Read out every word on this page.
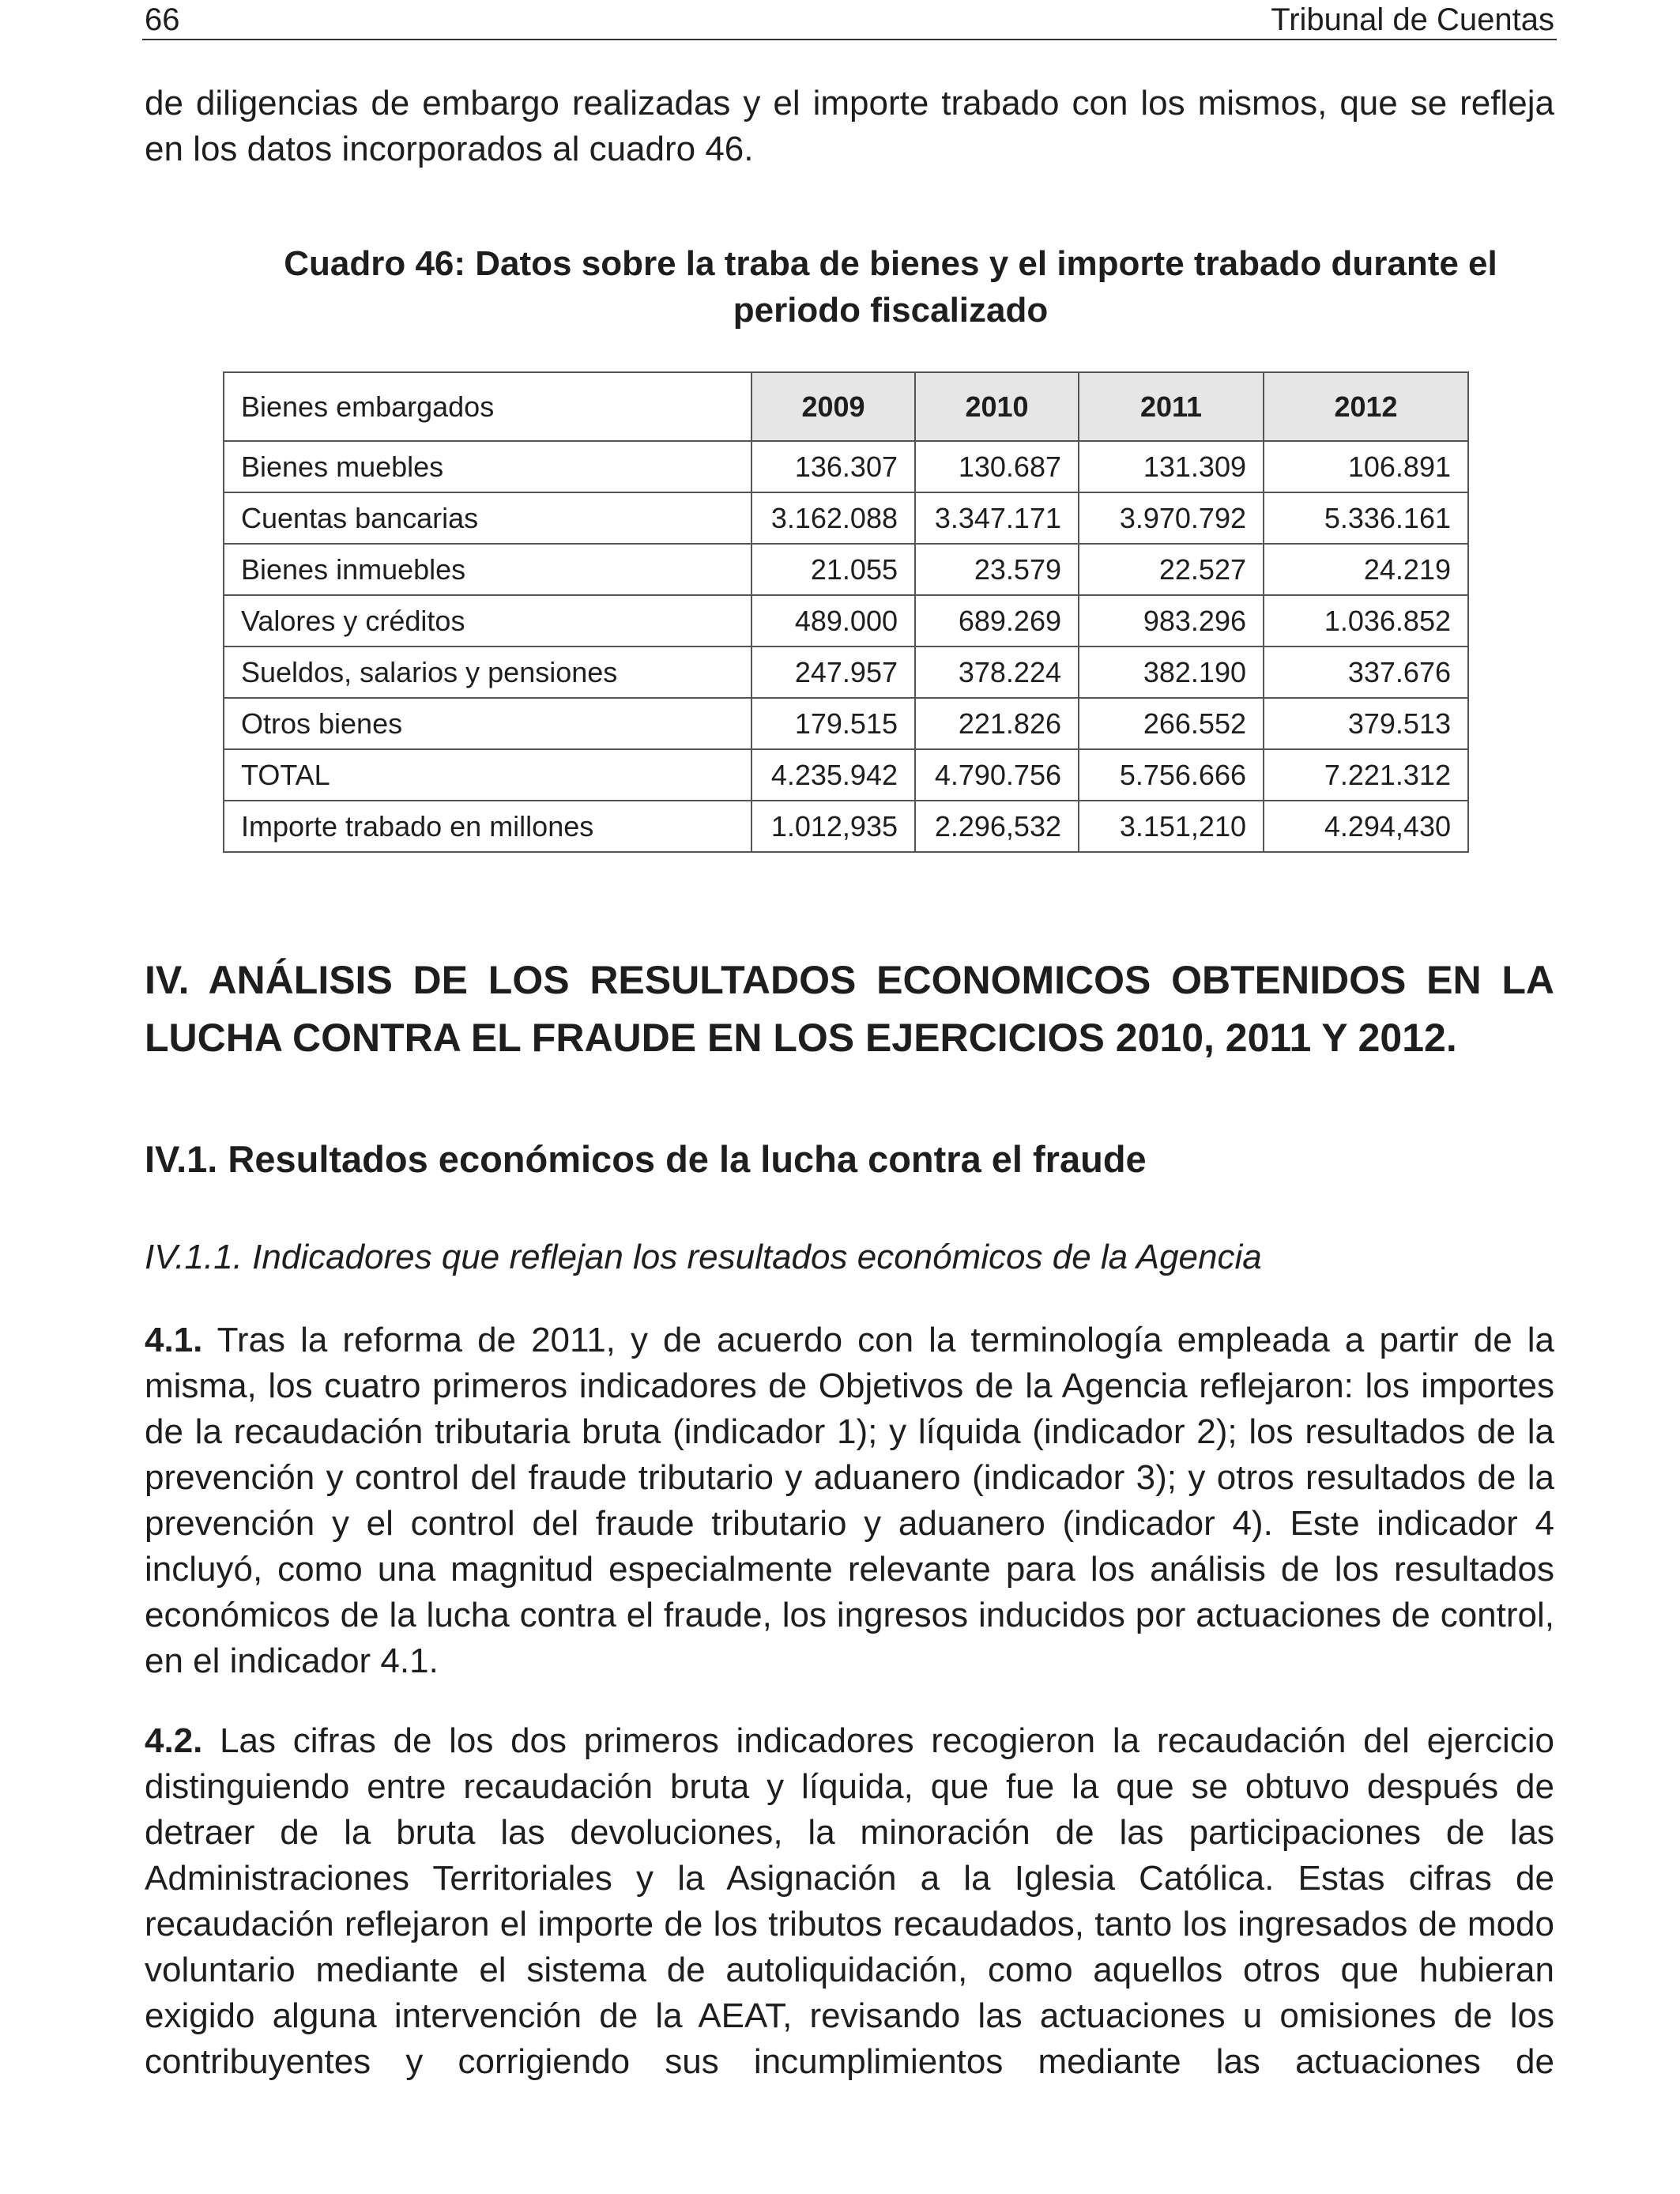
66	Tribunal de Cuentas
de diligencias de embargo realizadas y el importe trabado con los mismos, que se refleja
en los datos incorporados al cuadro 46.
Cuadro 46: Datos sobre la traba de bienes y el importe trabado durante el
periodo fiscalizado
Bienes embargados	2009	2010	2011	2012
Bienes muebles	136.307	130.687	131.309	106.891
Cuentas bancarias	3.162.088	3.347.171	3.970.792	5.336.161
Bienes inmuebles	21.055	23.579	22.527	24.219
Valores y créditos	489.000	689.269	983.296	1.036.852
Sueldos, salarios y pensiones	247.957	378.224	382.190	337.676
Otros bienes	179.515	221.826	266.552	379.513
TOTAL	4.235.942	4.790.756	5.756.666	7.221.312
Importe trabado en millones	1.012,935	2.296,532	3.151,210	4.294,430
IV. ANÁLISIS DE LOS RESULTADOS ECONOMICOS OBTENIDOS EN LA
LUCHA CONTRA EL FRAUDE EN LOS EJERCICIOS 2010, 2011 Y 2012.
IV.1. Resultados económicos de la lucha contra el fraude
IV.1.1. Indicadores que reflejan los resultados económicos de la Agencia
4.1. Tras la reforma de 2011, y de acuerdo con la terminología empleada a partir de la
misma, los cuatro primeros indicadores de Objetivos de la Agencia reflejaron: los importes
de la recaudación tributaria bruta (indicador 1); y líquida (indicador 2); los resultados de la
prevención y control del fraude tributario y aduanero (indicador 3); y otros resultados de la
prevención y el control del fraude tributario y aduanero (indicador 4). Este indicador 4
incluyó, como una magnitud especialmente relevante para los análisis de los resultados
económicos de la lucha contra el fraude, los ingresos inducidos por actuaciones de control,
en el indicador 4.1.
4.2. Las cifras de los dos primeros indicadores recogieron la recaudación del ejercicio
distinguiendo entre recaudación bruta y líquida, que fue la que se obtuvo después de
detraer de la bruta las devoluciones, la minoración de las participaciones de las
Administraciones Territoriales y la Asignación a la Iglesia Católica. Estas cifras de
recaudación reflejaron el importe de los tributos recaudados, tanto los ingresados de modo
voluntario mediante el sistema de autoliquidación, como aquellos otros que hubieran
exigido alguna intervención de la AEAT, revisando las actuaciones u omisiones de los
contribuyentes y corrigiendo sus incumplimientos mediante las actuaciones de
